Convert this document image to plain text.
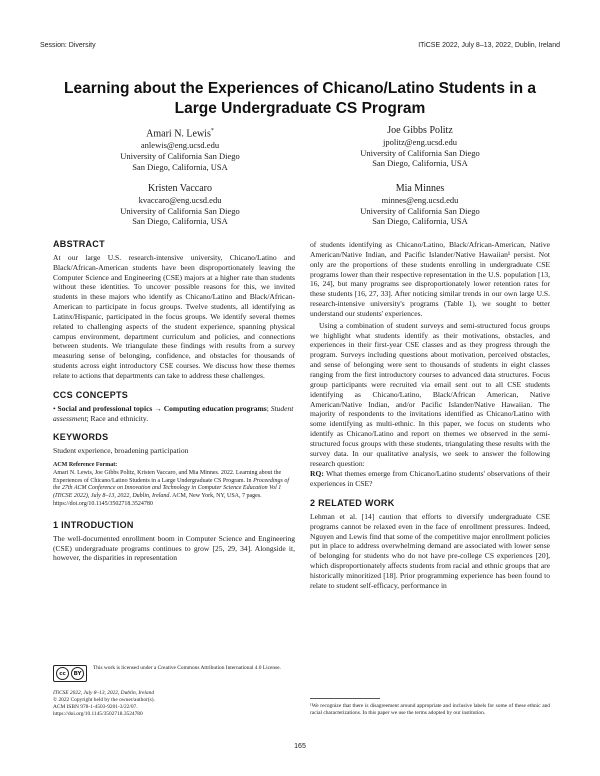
Session: Diversity	ITiCSE 2022, July 8–13, 2022, Dublin, Ireland
Learning about the Experiences of Chicano/Latino Students in a
Large Undergraduate CS Program
Amari N. Lewis*
anlewis@eng.ucsd.edu
University of California San Diego
San Diego, California, USA
Joe Gibbs Politz
jpolitz@eng.ucsd.edu
University of California San Diego
San Diego, California, USA
Kristen Vaccaro
kvaccaro@eng.ucsd.edu
University of California San Diego
San Diego, California, USA
Mia Minnes
minnes@eng.ucsd.edu
University of California San Diego
San Diego, California, USA
ABSTRACT

At our large U.S. research-intensive university, Chicano/Latino and Black/African-American students have been disproportionately leaving the Computer Science and Engineering (CSE) majors at a higher rate than students without these identities. To uncover possible reasons for this, we invited students in these majors who identify as Chicano/Latino and Black/African-American to participate in focus groups. Twelve students, all identifying as Latinx/Hispanic, participated in the focus groups. We identify several themes related to challenging aspects of the student experience, spanning physical campus environment, department curriculum and policies, and connections between students. We triangulate these findings with results from a survey measuring sense of belonging, confidence, and obstacles for thousands of students across eight introductory CSE courses. We discuss how these themes relate to actions that departments can take to address these challenges.

CCS CONCEPTS

• Social and professional topics → Computing education programs; Student assessment; Race and ethnicity.

KEYWORDS

Student experience, broadening participation

ACM Reference Format:
Amari N. Lewis, Joe Gibbs Politz, Kristen Vaccaro, and Mia Minnes. 2022. Learning about the Experiences of Chicano/Latino Students in a Large Undergraduate CS Program. In Proceedings of the 27th ACM Conference on Innovation and Technology in Computer Science Education Vol 1 (ITiCSE 2022), July 8–13, 2022, Dublin, Ireland. ACM, New York, NY, USA, 7 pages. https://doi.org/10.1145/3502718.3524780
1 INTRODUCTION

The well-documented enrollment boom in Computer Science and Engineering (CSE) undergraduate programs continues to grow [25, 29, 34]. Alongside it, however, the disparities in representation

cc	BY
This work is licensed under a Creative Commons Attribution International 4.0 License.
ITiCSE 2022, July 8–13, 2022, Dublin, Ireland
© 2022 Copyright held by the owner/author(s).
ACM ISBN 978-1-4503-9201-3/22/07.
https://doi.org/10.1145/3502718.3524780

of students identifying as Chicano/Latino, Black/African-American, Native American/Native Indian, and Pacific Islander/Native Hawaiian¹ persist. Not only are the proportions of these students enrolling in undergraduate CSE programs lower than their respective representation in the U.S. population [13, 16, 24], but many programs see disproportionately lower retention rates for these students [16, 27, 33]. After noticing similar trends in our own large U.S. research-intensive university's programs (Table 1), we sought to better understand our students' experiences.

Using a combination of student surveys and semi-structured focus groups we highlight what students identify as their motivations, obstacles, and experiences in their first-year CSE classes and as they progress through the program. Surveys including questions about motivation, perceived obstacles, and sense of belonging were sent to thousands of students in eight classes ranging from the first introductory courses to advanced data structures. Focus group participants were recruited via email sent out to all CSE students identifying as Chicano/Latino, Black/African American, Native American/Native Indian, and/or Pacific Islander/Native Hawaiian. The majority of respondents to the invitations identified as Chicano/Latino with some identifying as multi-ethnic. In this paper, we focus on students who identify as Chicano/Latino and report on themes we observed in the semi-structured focus groups with these students, triangulating these results with the survey data. In our qualitative analysis, we seek to answer the following research question:

RQ: What themes emerge from Chicano/Latino students' observations of their experiences in CSE?

2 RELATED WORK

Lehman et al. [14] caution that efforts to diversify undergraduate CSE programs cannot be relaxed even in the face of enrollment pressures. Indeed, Nguyen and Lewis find that some of the competitive major enrollment policies put in place to address overwhelming demand are associated with lower sense of belonging for students who do not have pre-college CS experiences [20], which disproportionately affects students from racial and ethnic groups that are historically minoritized [18]. Prior programming experience has been found to relate to student self-efficacy, performance in

¹We recognize that there is disagreement around appropriate and inclusive labels for some of these ethnic and racial characterizations. In this paper we use the terms adopted by our institution.
165
